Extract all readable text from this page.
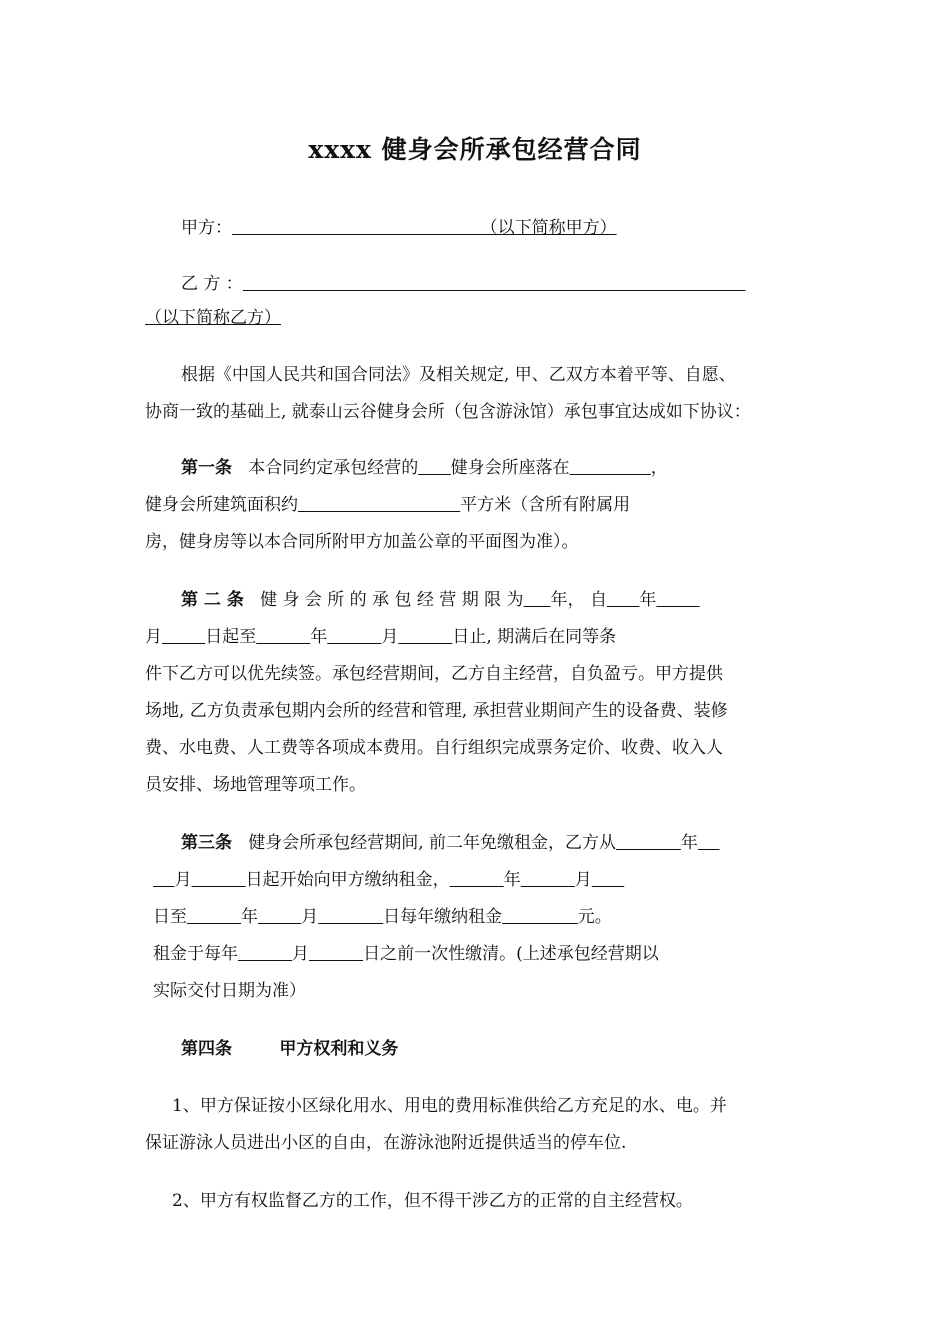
xxxx 健身会所承包经营合同
甲方：	（以下简称甲方）
乙 方 ：
（以下简称乙方）
根据《中国人民共和国合同法》及相关规定, 甲、乙双方本着平等、自愿、
协商一致的基础上, 就泰山云谷健身会所（包含游泳馆）承包事宜达成如下协议：
第一条 本合同约定承包经营的 健身会所座落在	，
健身会所建筑面积约	平方米（含所有附属用
房，健身房等以本合同所附甲方加盖公章的平面图为准）。
第 二 条 健 身 会 所 的 承 包 经 营 期 限 为 年， 自 年
月	日起至	年	月	日止, 期满后在同等条
件下乙方可以优先续签。承包经营期间，乙方自主经营，自负盈亏。甲方提供
场地, 乙方负责承包期内会所的经营和管理, 承担营业期间产生的设备费、装修
费、水电费、人工费等各项成本费用。自行组织完成票务定价、收费、收入人
员安排、场地管理等项工作。
第三条 健身会所承包经营期间, 前二年免缴租金，乙方从	年
月	日起开始向甲方缴纳租金，	年	月
日至	年	月	日每年缴纳租金	元。
租金于每年	月	日之前一次性缴清。(上述承包经营期以
实际交付日期为准）
第四条        甲方权利和义务
1、甲方保证按小区绿化用水、用电的费用标准供给乙方充足的水、电。并
保证游泳人员进出小区的自由，在游泳池附近提供适当的停车位.
2、甲方有权监督乙方的工作，但不得干涉乙方的正常的自主经营权。
